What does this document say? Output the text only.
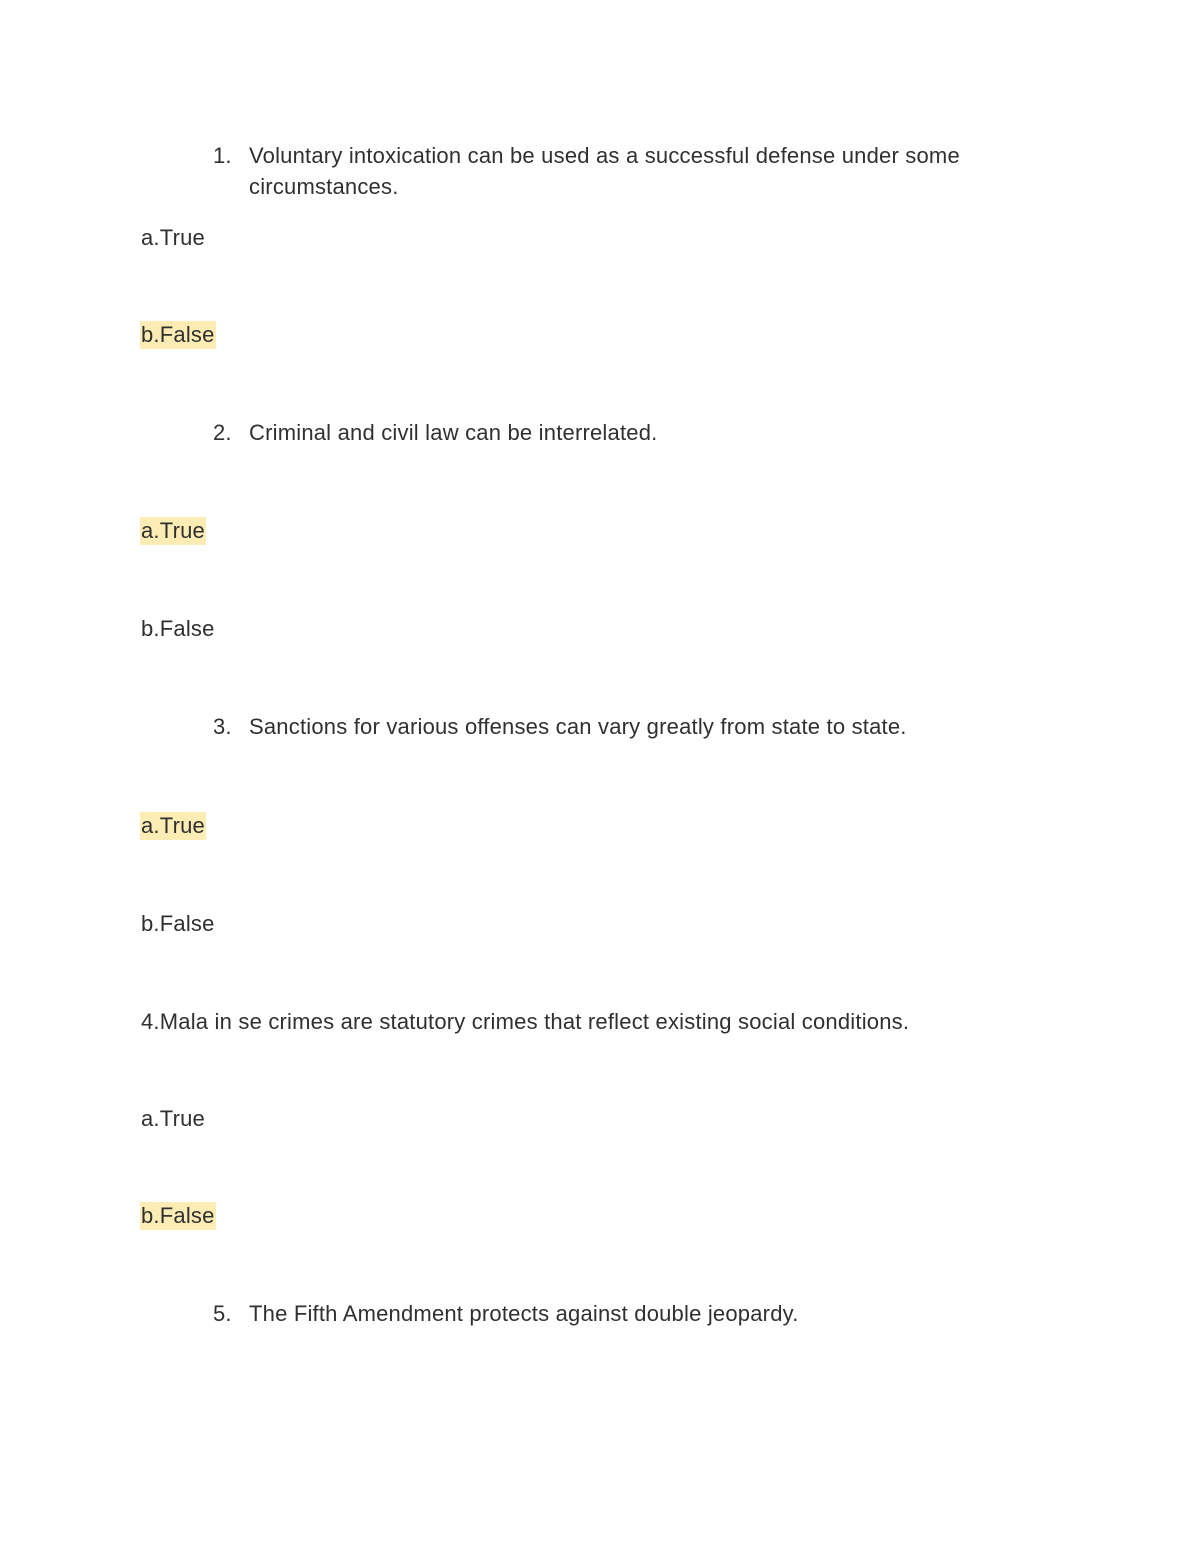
1. Voluntary intoxication can be used as a successful defense under some circumstances.
a.True
b.False
2. Criminal and civil law can be interrelated.
a.True
b.False
3. Sanctions for various offenses can vary greatly from state to state.
a.True
b.False
4.Mala in se crimes are statutory crimes that reflect existing social conditions.
a.True
b.False
5. The Fifth Amendment protects against double jeopardy.
